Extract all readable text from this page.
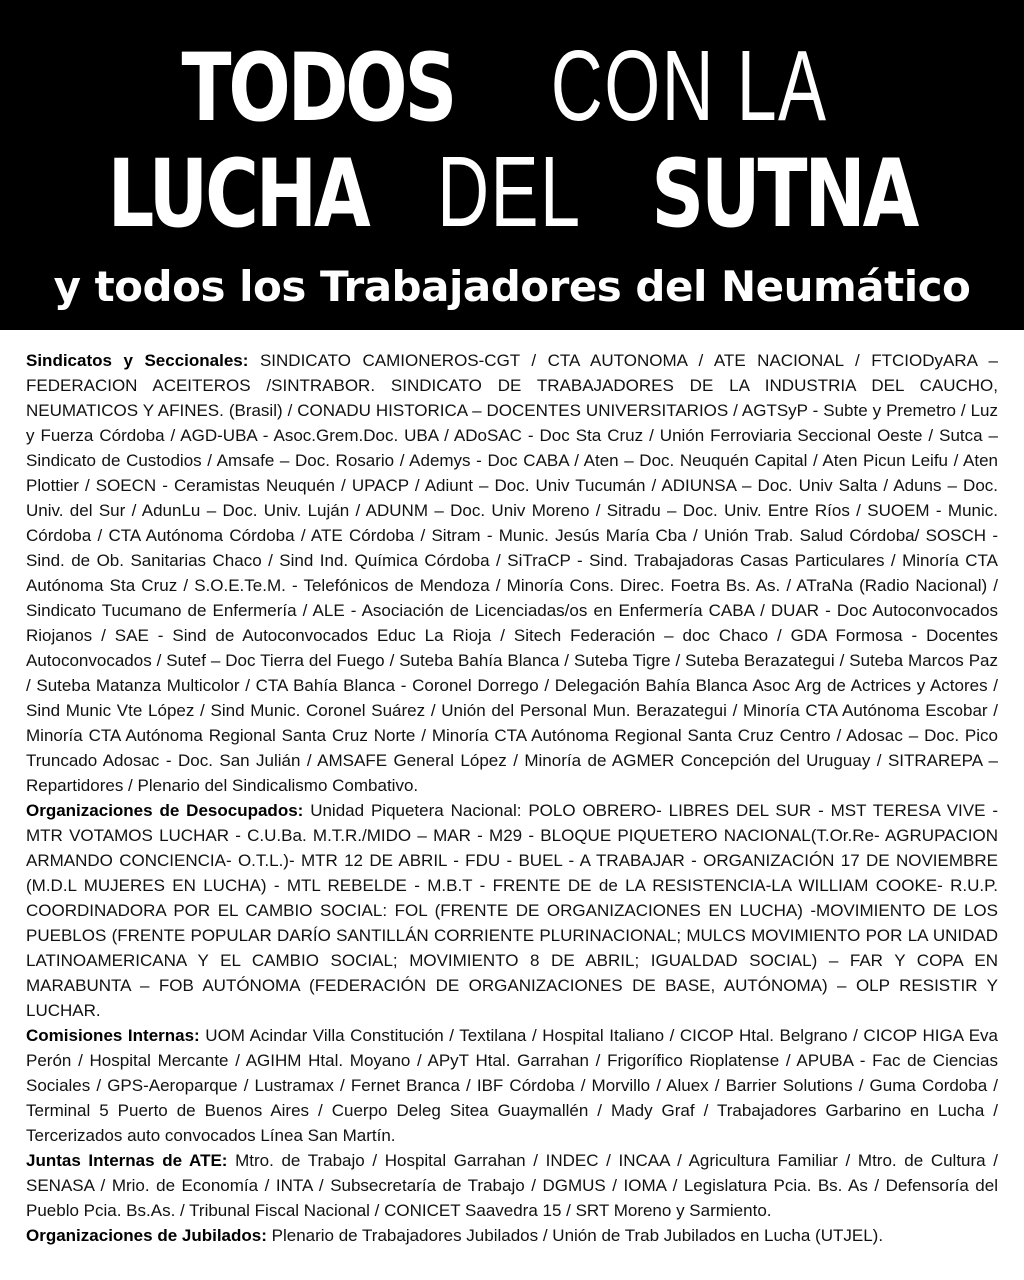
TODOS CON LA
LUCHA DEL SUTNA
y todos los Trabajadores del Neumático

Sindicatos y Seccionales: SINDICATO CAMIONEROS-CGT / CTA AUTONOMA / ATE NACIONAL / FTCIODyARA – FEDERACION ACEITEROS /SINTRABOR. SINDICATO DE TRABAJADORES DE LA INDUSTRIA DEL CAUCHO, NEUMATICOS Y AFINES. (Brasil) / CONADU HISTORICA – DOCENTES UNIVERSITARIOS / AGTSyP - Subte y Premetro / Luz y Fuerza Córdoba / AGD-UBA - Asoc.Grem.Doc. UBA / ADoSAC - Doc Sta Cruz / Unión Ferroviaria Seccional Oeste / Sutca – Sindicato de Custodios / Amsafe – Doc. Rosario / Ademys - Doc CABA / Aten – Doc. Neuquén Capital / Aten Picun Leifu / Aten Plottier / SOECN - Ceramistas Neuquén / UPACP / Adiunt – Doc. Univ Tucumán / ADIUNSA – Doc. Univ Salta / Aduns – Doc. Univ. del Sur / AdunLu – Doc. Univ. Luján / ADUNM – Doc. Univ Moreno / Sitradu – Doc. Univ. Entre Ríos / SUOEM - Munic. Córdoba / CTA Autónoma Córdoba / ATE Córdoba / Sitram - Munic. Jesús María Cba / Unión Trab. Salud Córdoba/ SOSCH - Sind. de Ob. Sanitarias Chaco / Sind Ind. Química Córdoba / SiTraCP - Sind. Trabajadoras Casas Particulares / Minoría CTA Autónoma Sta Cruz / S.O.E.Te.M. - Telefónicos de Mendoza / Minoría Cons. Direc. Foetra Bs. As. / ATraNa (Radio Nacional) / Sindicato Tucumano de Enfermería / ALE - Asociación de Licenciadas/os en Enfermería CABA / DUAR - Doc Autoconvocados Riojanos / SAE - Sind de Autoconvocados Educ La Rioja / Sitech Federación – doc Chaco / GDA Formosa - Docentes Autoconvocados / Sutef – Doc Tierra del Fuego / Suteba Bahía Blanca / Suteba Tigre / Suteba Berazategui / Suteba Marcos Paz / Suteba Matanza Multicolor / CTA Bahía Blanca - Coronel Dorrego / Delegación Bahía Blanca Asoc Arg de Actrices y Actores / Sind Munic Vte López / Sind Munic. Coronel Suárez / Unión del Personal Mun. Berazategui / Minoría CTA Autónoma Escobar / Minoría CTA Autónoma Regional Santa Cruz Norte / Minoría CTA Autónoma Regional Santa Cruz Centro / Adosac – Doc. Pico Truncado Adosac - Doc. San Julián / AMSAFE General López / Minoría de AGMER Concepción del Uruguay / SITRAREPA – Repartidores / Plenario del Sindicalismo Combativo.

Organizaciones de Desocupados: Unidad Piquetera Nacional: POLO OBRERO- LIBRES DEL SUR - MST TERESA VIVE - MTR VOTAMOS LUCHAR - C.U.Ba. M.T.R./MIDO – MAR - M29 - BLOQUE PIQUETERO NACIONAL(T.Or.Re- AGRUPACION ARMANDO CONCIENCIA- O.T.L.)- MTR 12 DE ABRIL - FDU - BUEL - A TRABAJAR - ORGANIZACIÓN 17 DE NOVIEMBRE (M.D.L MUJERES EN LUCHA) - MTL REBELDE - M.B.T - FRENTE DE de LA RESISTENCIA-LA WILLIAM COOKE- R.U.P. COORDINADORA POR EL CAMBIO SOCIAL: FOL (FRENTE DE ORGANIZACIONES EN LUCHA) -MOVIMIENTO DE LOS PUEBLOS (FRENTE POPULAR DARÍO SANTILLÁN CORRIENTE PLURINACIONAL; MULCS MOVIMIENTO POR LA UNIDAD LATINOAMERICANA Y EL CAMBIO SOCIAL; MOVIMIENTO 8 DE ABRIL; IGUALDAD SOCIAL) – FAR Y COPA EN MARABUNTA – FOB AUTÓNOMA (FEDERACIÓN DE ORGANIZACIONES DE BASE, AUTÓNOMA) – OLP RESISTIR Y LUCHAR.

Comisiones Internas: UOM Acindar Villa Constitución / Textilana / Hospital Italiano / CICOP Htal. Belgrano / CICOP HIGA Eva Perón / Hospital Mercante / AGIHM Htal. Moyano / APyT Htal. Garrahan / Frigorífico Rioplatense / APUBA - Fac de Ciencias Sociales / GPS-Aeroparque / Lustramax / Fernet Branca / IBF Córdoba / Morvillo / Aluex / Barrier Solutions / Guma Cordoba / Terminal 5 Puerto de Buenos Aires / Cuerpo Deleg Sitea Guaymallén / Mady Graf / Trabajadores Garbarino en Lucha / Tercerizados auto convocados Línea San Martín.

Juntas Internas de ATE: Mtro. de Trabajo / Hospital Garrahan / INDEC / INCAA / Agricultura Familiar / Mtro. de Cultura / SENASA / Mrio. de Economía / INTA / Subsecretaría de Trabajo / DGMUS / IOMA / Legislatura Pcia. Bs. As / Defensoría del Pueblo Pcia. Bs.As. / Tribunal Fiscal Nacional / CONICET Saavedra 15 / SRT Moreno y Sarmiento.

Organizaciones de Jubilados: Plenario de Trabajadores Jubilados / Unión de Trab Jubilados en Lucha (UTJEL).
